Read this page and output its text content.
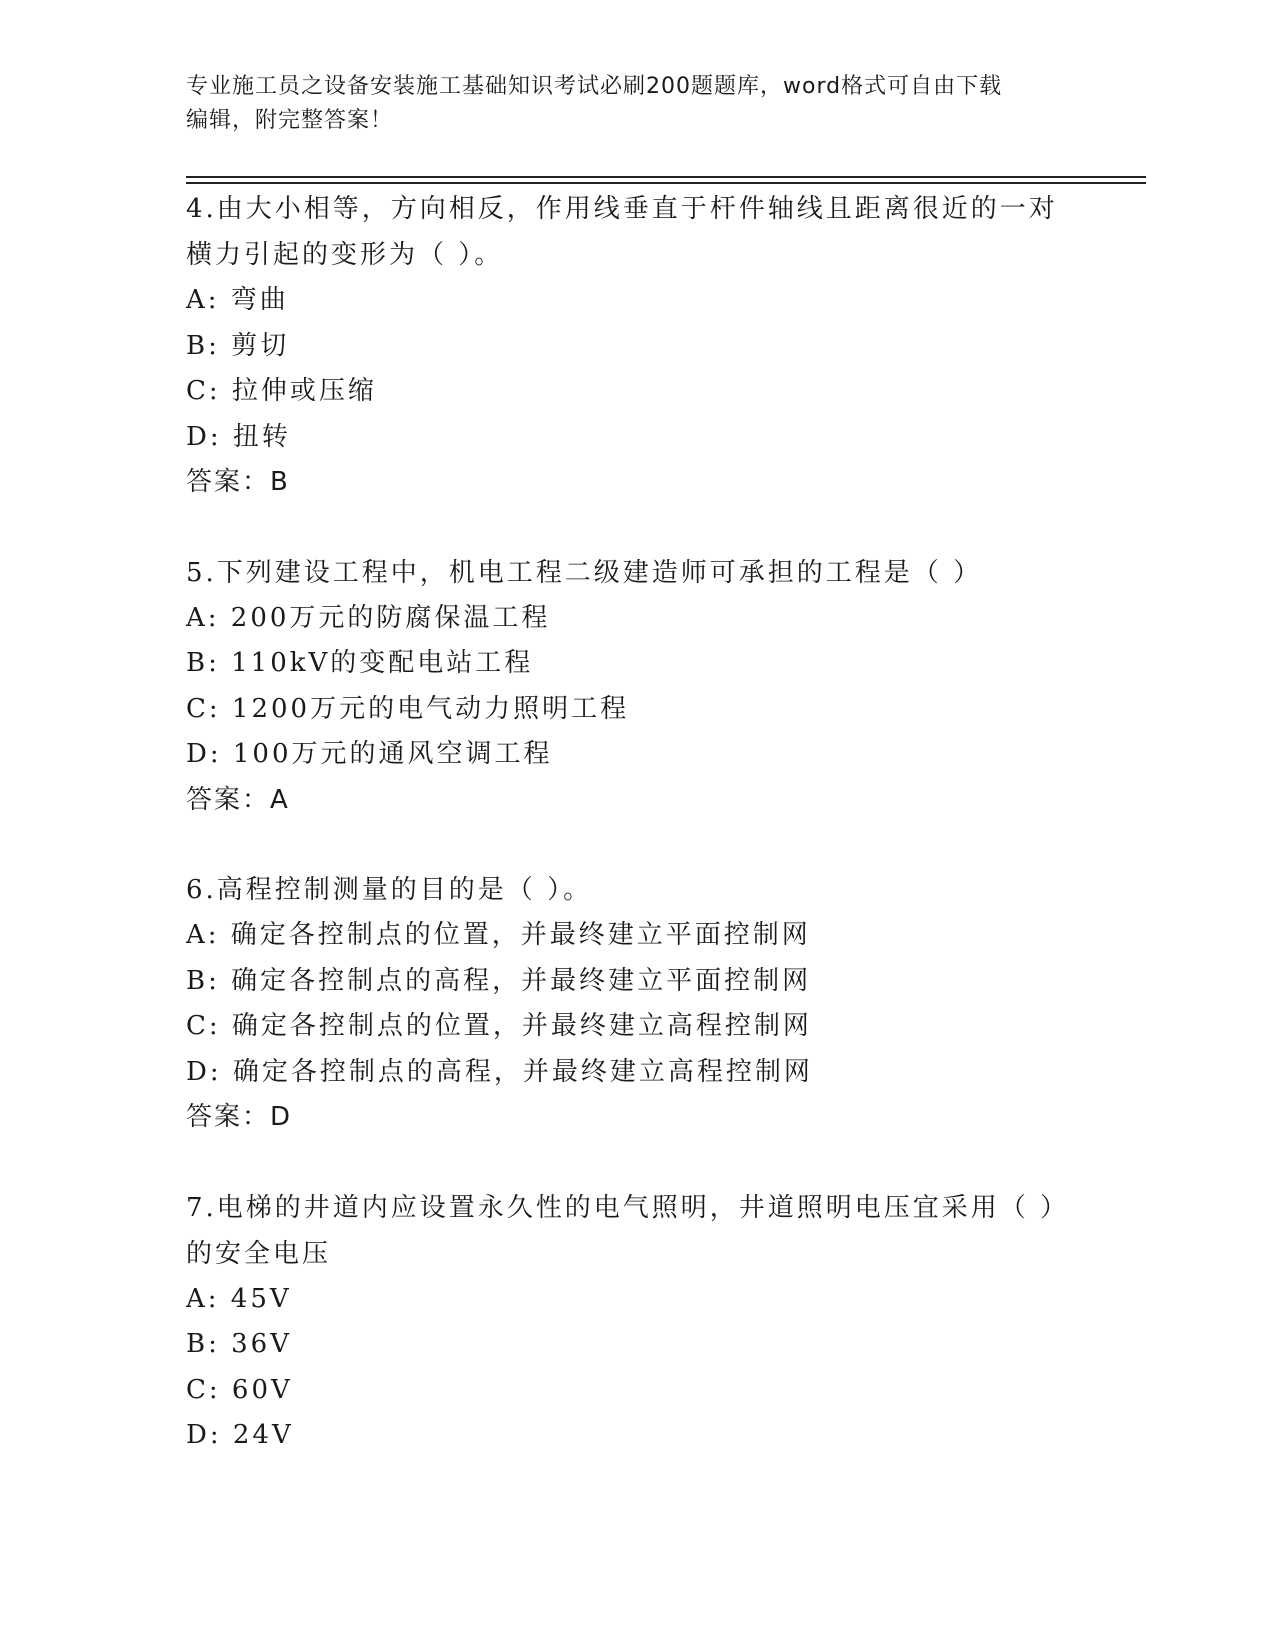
专业施工员之设备安装施工基础知识考试必刷200题题库，word格式可自由下载
编辑，附完整答案！

4.由大小相等，方向相反，作用线垂直于杆件轴线且距离很近的一对

横力引起的变形为（ ）。

A: 弯曲

B: 剪切

C: 拉伸或压缩

D: 扭转

答案：B

5.下列建设工程中，机电工程二级建造师可承担的工程是（ ）

A: 200万元的防腐保温工程

B: 110kV的变配电站工程

C: 1200万元的电气动力照明工程

D: 100万元的通风空调工程

答案：A

6.高程控制测量的目的是（ ）。

A: 确定各控制点的位置，并最终建立平面控制网

B: 确定各控制点的高程，并最终建立平面控制网

C: 确定各控制点的位置，并最终建立高程控制网

D: 确定各控制点的高程，并最终建立高程控制网

答案：D

7.电梯的井道内应设置永久性的电气照明，井道照明电压宜采用（ ）

的安全电压

A: 45V

B: 36V

C: 60V

D: 24V
